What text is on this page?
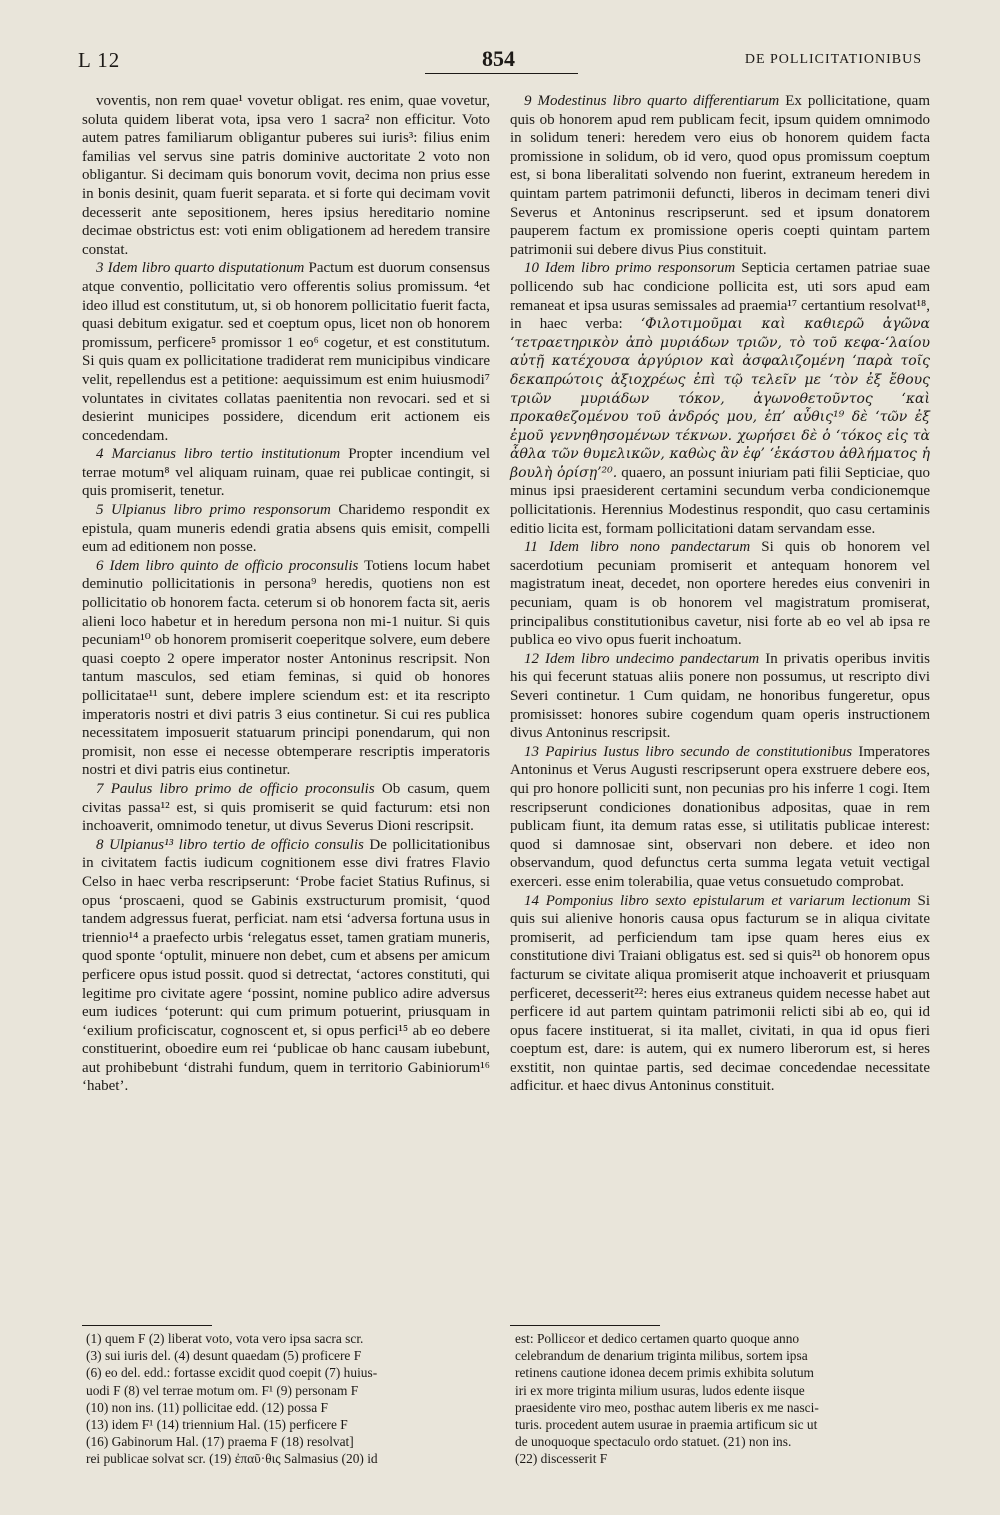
L 12	854	DE POLLICITATIONIBUS

voventis, non rem quae¹ vovetur obligat. res enim, quae vovetur, soluta quidem liberat vota, ipsa vero 1 sacra² non efficitur. Voto autem patres familiarum obligantur puberes sui iuris³: filius enim familias vel servus sine patris dominive auctoritate 2 voto non obligantur. Si decimam quis bonorum vovit, decima non prius esse in bonis desinit, quam fuerit separata. et si forte qui decimam vovit decesserit ante sepositionem, heres ipsius hereditario nomine decimae obstrictus est: voti enim obligationem ad heredem transire constat.

3 Idem libro quarto disputationum Pactum est duorum consensus atque conventio, pollicitatio vero offerentis solius promissum. ⁴et ideo illud est constitutum, ut, si ob honorem pollicitatio fuerit facta, quasi debitum exigatur. sed et coeptum opus, licet non ob honorem promissum, perficere⁵ promissor 1 eo⁶ cogetur, et est constitutum. Si quis quam ex pollicitatione tradiderat rem municipibus vindicare velit, repellendus est a petitione: aequissimum est enim huiusmodi⁷ voluntates in civitates collatas paenitentia non revocari. sed et si desierint municipes possidere, dicendum erit actionem eis concedendam.

4 Marcianus libro tertio institutionum Propter incendium vel terrae motum⁸ vel aliquam ruinam, quae rei publicae contingit, si quis promiserit, tenetur.

5 Ulpianus libro primo responsorum Charidemo respondit ex epistula, quam muneris edendi gratia absens quis emisit, compelli eum ad editionem non posse.

6 Idem libro quinto de officio proconsulis Totiens locum habet deminutio pollicitationis in persona⁹ heredis, quotiens non est pollicitatio ob honorem facta. ceterum si ob honorem facta sit, aeris alieni loco habetur et in heredum persona non mi-1 nuitur. Si quis pecuniam¹⁰ ob honorem promiserit coeperitque solvere, eum debere quasi coepto 2 opere imperator noster Antoninus rescripsit. Non tantum masculos, sed etiam feminas, si quid ob honores pollicitatae¹¹ sunt, debere implere sciendum est: et ita rescripto imperatoris nostri et divi patris 3 eius continetur. Si cui res publica necessitatem imposuerit statuarum principi ponendarum, qui non promisit, non esse ei necesse obtemperare rescriptis imperatoris nostri et divi patris eius continetur.

7 Paulus libro primo de officio proconsulis Ob casum, quem civitas passa¹² est, si quis promiserit se quid facturum: etsi non inchoaverit, omnimodo tenetur, ut divus Severus Dioni rescripsit.

8 Ulpianus¹³ libro tertio de officio consulis De pollicitationibus in civitatem factis iudicum cognitionem esse divi fratres Flavio Celso in haec verba rescripserunt: ‘Probe faciet Statius Rufinus, si opus ‘proscaeni, quod se Gabinis exstructurum promisit, ‘quod tandem adgressus fuerat, perficiat. nam etsi ‘adversa fortuna usus in triennio¹⁴ a praefecto urbis ‘relegatus esset, tamen gratiam muneris, quod sponte ‘optulit, minuere non debet, cum et absens per amicum perficere opus istud possit. quod si detrectat, ‘actores constituti, qui legitime pro civitate agere ‘possint, nomine publico adire adversus eum iudices ‘poterunt: qui cum primum potuerint, priusquam in ‘exilium proficiscatur, cognoscent et, si opus perfici¹⁵ ab eo debere constituerint, oboedire eum rei ‘publicae ob hanc causam iubebunt, aut prohibebunt ‘distrahi fundum, quem in territorio Gabiniorum¹⁶ ‘habet’.

9 Modestinus libro quarto differentiarum Ex pollicitatione, quam quis ob honorem apud rem publicam fecit, ipsum quidem omnimodo in solidum teneri: heredem vero eius ob honorem quidem facta promissione in solidum, ob id vero, quod opus promissum coeptum est, si bona liberalitati solvendo non fuerint, extraneum heredem in quintam partem patrimonii defuncti, liberos in decimam teneri divi Severus et Antoninus rescripserunt. sed et ipsum donatorem pauperem factum ex promissione operis coepti quintam partem patrimonii sui debere divus Pius constituit.

10 Idem libro primo responsorum Septicia certamen patriae suae pollicendo sub hac condicione pollicita est, uti sors apud eam remaneat et ipsa usuras semissales ad praemia¹⁷ certantium resolvat¹⁸, in haec verba: ‘Φιλοτιμοῦμαι καὶ καθιερῶ ἀγῶνα ‘τετραετηρικὸν ἀπὸ μυριάδων τριῶν, τὸ τοῦ κεφα-‘λαίου αὐτῇ κατέχουσα ἀργύριον καὶ ἀσφαλιζομένη ‘παρὰ τοῖς δεκαπρώτοις ἀξιοχρέως ἐπὶ τῷ τελεῖν με ‘τὸν ἐξ ἔθους τριῶν μυριάδων τόκον, ἀγωνοθετοῦντος ‘καὶ προκαθεζομένου τοῦ ἀνδρός μου, ἐπ’ αὖθις¹⁹ δὲ ‘τῶν ἐξ ἐμοῦ γεννηθησομένων τέκνων. χωρήσει δὲ ὁ ‘τόκος εἰς τὰ ἆθλα τῶν θυμελικῶν, καθὼς ἂν ἐφ’ ‘ἑκάστου ἀθλήματος ἡ βουλὴ ὁρίσῃ’²⁰. quaero, an possunt iniuriam pati filii Septiciae, quo minus ipsi praesiderent certamini secundum verba condicionemque pollicitationis. Herennius Modestinus respondit, quo casu certaminis editio licita est, formam pollicitationi datam servandam esse.

11 Idem libro nono pandectarum Si quis ob honorem vel sacerdotium pecuniam promiserit et antequam honorem vel magistratum ineat, decedet, non oportere heredes eius conveniri in pecuniam, quam is ob honorem vel magistratum promiserat, principalibus constitutionibus cavetur, nisi forte ab eo vel ab ipsa re publica eo vivo opus fuerit inchoatum.

12 Idem libro undecimo pandectarum In privatis operibus invitis his qui fecerunt statuas aliis ponere non possumus, ut rescripto divi Severi continetur. 1 Cum quidam, ne honoribus fungeretur, opus promisisset: honores subire cogendum quam operis instructionem divus Antoninus rescripsit.

13 Papirius Iustus libro secundo de constitutionibus Imperatores Antoninus et Verus Augusti rescripserunt opera exstruere debere eos, qui pro honore polliciti sunt, non pecunias pro his inferre 1 cogi. Item rescripserunt condiciones donationibus adpositas, quae in rem publicam fiunt, ita demum ratas esse, si utilitatis publicae interest: quod si damnosae sint, observari non debere. et ideo non observandum, quod defunctus certa summa legata vetuit vectigal exerceri. esse enim tolerabilia, quae vetus consuetudo comprobat.

14 Pomponius libro sexto epistularum et variarum lectionum Si quis sui alienive honoris causa opus facturum se in aliqua civitate promiserit, ad perficiendum tam ipse quam heres eius ex constitutione divi Traiani obligatus est. sed si quis²¹ ob honorem opus facturum se civitate aliqua promiserit atque inchoaverit et priusquam perficeret, decesserit²²: heres eius extraneus quidem necesse habet aut perficere id aut partem quintam patrimonii relicti sibi ab eo, qui id opus facere instituerat, si ita mallet, civitati, in qua id opus fieri coeptum est, dare: is autem, qui ex numero liberorum est, si heres exstitit, non quintae partis, sed decimae concedendae necessitate adficitur. et haec divus Antoninus constituit.

(1) quem F (2) liberat voto, vota vero ipsa sacra scr.

(3) sui iuris del. (4) desunt quaedam (5) proficere F

(6) eo del. edd.: fortasse excidit quod coepit (7) huius-

uodi F (8) vel terrae motum om. F¹ (9) personam F

(10) non ins. (11) pollicitae edd. (12) possa F

(13) idem F¹ (14) triennium Hal. (15) perficere F

(16) Gabinorum Hal. (17) praema F (18) resolvat]

rei publicae solvat scr. (19) ἐπαῦ·θις Salmasius (20) id

est: Pollicεor et dedico certamen quarto quoque anno

celebrandum de denarium triginta milibus, sortem ipsa

retinens cautione idonea decem primis exhibita solutum

iri ex more triginta milium usuras, ludos edente iisque

praesidente viro meo, posthac autem liberis ex me nasci-

turis. procedent autem usurae in praemia artificum sic ut

de unoquoque spectaculo ordo statuet. (21) non ins.

(22) discesserit F
